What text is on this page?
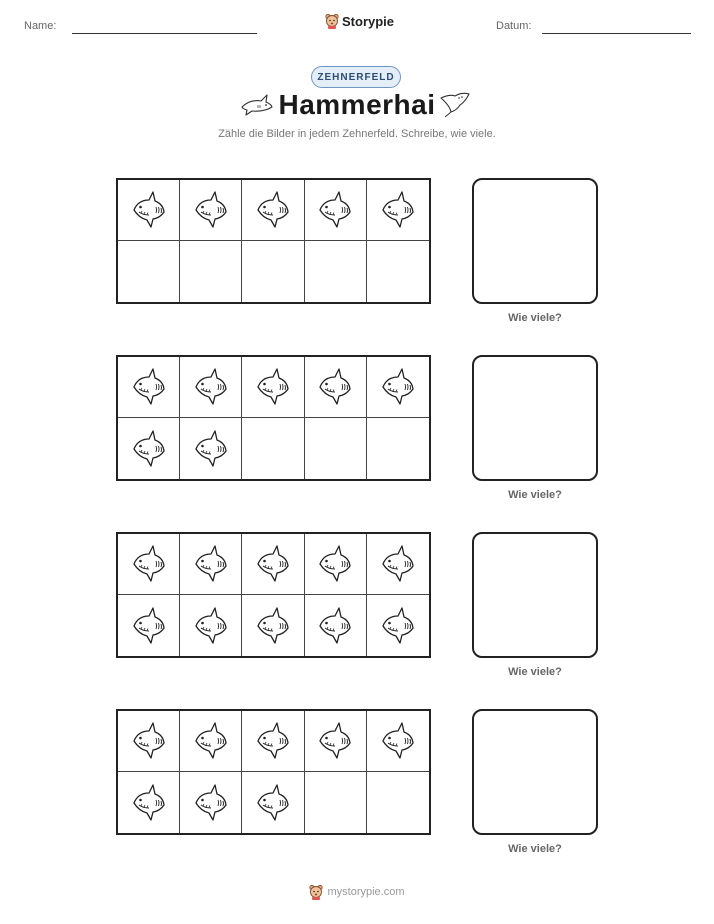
Name:	Storypie	Datum:
ZEHNERFELD
Hammerhai
Zähle die Bilder in jedem Zehnerfeld. Schreibe, wie viele.
Wie viele?
Wie viele?
Wie viele?
Wie viele?
mystorypie.com
